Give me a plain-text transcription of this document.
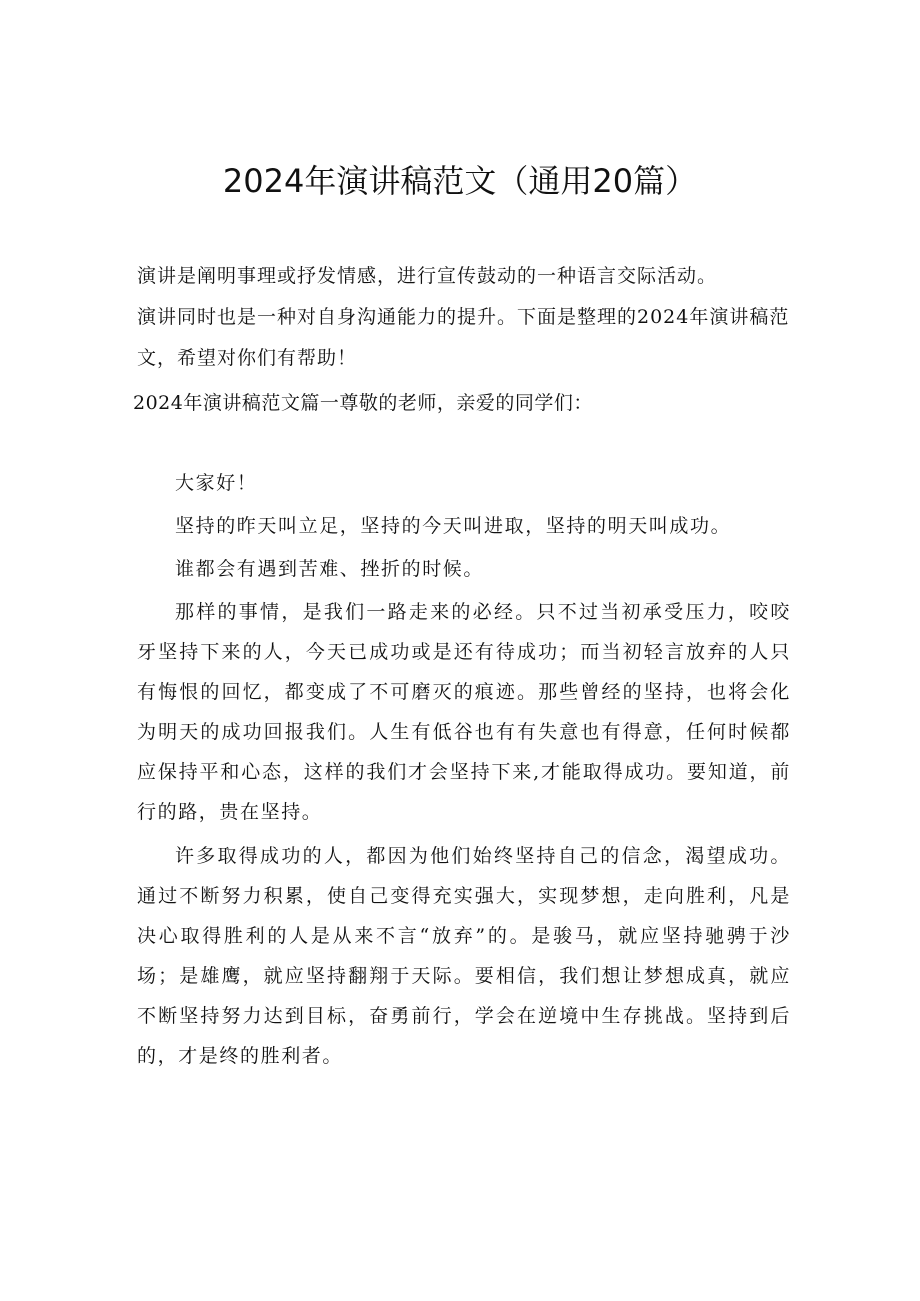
2024年演讲稿范文（通用20篇）

演讲是阐明事理或抒发情感，进行宣传鼓动的一种语言交际活动。

演讲同时也是一种对自身沟通能力的提升。下面是整理的2024年演讲稿范文，希望对你们有帮助！

2024年演讲稿范文篇一尊敬的老师，亲爱的同学们：

大家好！

坚持的昨天叫立足，坚持的今天叫进取，坚持的明天叫成功。

谁都会有遇到苦难、挫折的时候。

那样的事情，是我们一路走来的必经。只不过当初承受压力，咬咬牙坚持下来的人，今天已成功或是还有待成功；而当初轻言放弃的人只有悔恨的回忆，都变成了不可磨灭的痕迹。那些曾经的坚持，也将会化为明天的成功回报我们。人生有低谷也有有失意也有得意，任何时候都应保持平和心态，这样的我们才会坚持下来,才能取得成功。要知道，前行的路，贵在坚持。

许多取得成功的人，都因为他们始终坚持自己的信念，渴望成功。通过不断努力积累，使自己变得充实强大，实现梦想，走向胜利，凡是决心取得胜利的人是从来不言“放弃”的。是骏马，就应坚持驰骋于沙场；是雄鹰，就应坚持翻翔于天际。要相信，我们想让梦想成真，就应不断坚持努力达到目标，奋勇前行，学会在逆境中生存挑战。坚持到后的，才是终的胜利者。
